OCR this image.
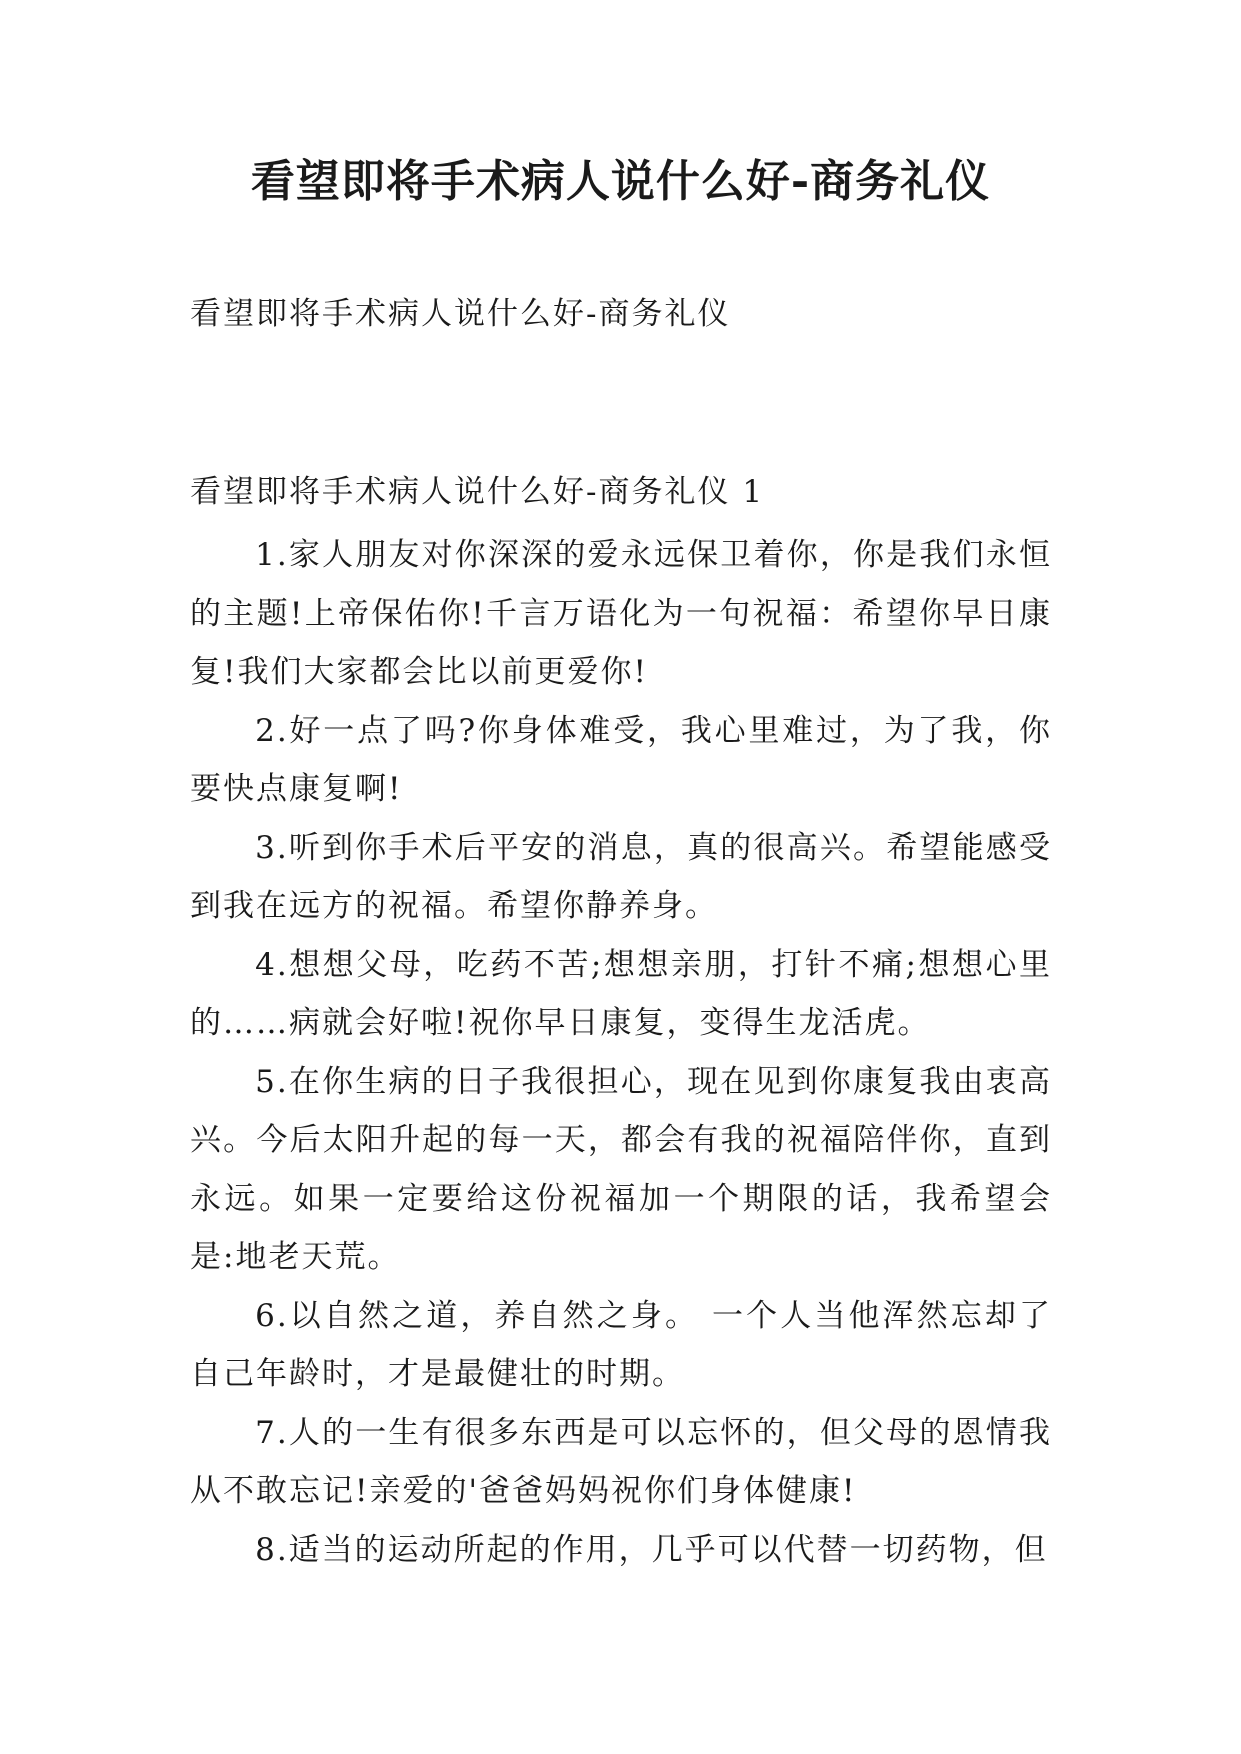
看望即将手术病人说什么好-商务礼仪
看望即将手术病人说什么好-商务礼仪
看望即将手术病人说什么好-商务礼仪 1

1.家人朋友对你深深的爱永远保卫着你，你是我们永恒的主题!上帝保佑你!千言万语化为一句祝福：希望你早日康复!我们大家都会比以前更爱你!

2.好一点了吗?你身体难受，我心里难过，为了我，你要快点康复啊!

3.听到你手术后平安的消息，真的很高兴。希望能感受到我在远方的祝福。希望你静养身。

4.想想父母，吃药不苦;想想亲朋，打针不痛;想想心里的……病就会好啦!祝你早日康复，变得生龙活虎。

5.在你生病的日子我很担心，现在见到你康复我由衷高兴。今后太阳升起的每一天，都会有我的祝福陪伴你，直到永远。如果一定要给这份祝福加一个期限的话，我希望会是:地老天荒。

6.以自然之道，养自然之身。 一个人当他浑然忘却了自己年龄时，才是最健壮的时期。

7.人的一生有很多东西是可以忘怀的，但父母的恩情我从不敢忘记!亲爱的'爸爸妈妈祝你们身体健康!

8.适当的运动所起的作用，几乎可以代替一切药物，但
